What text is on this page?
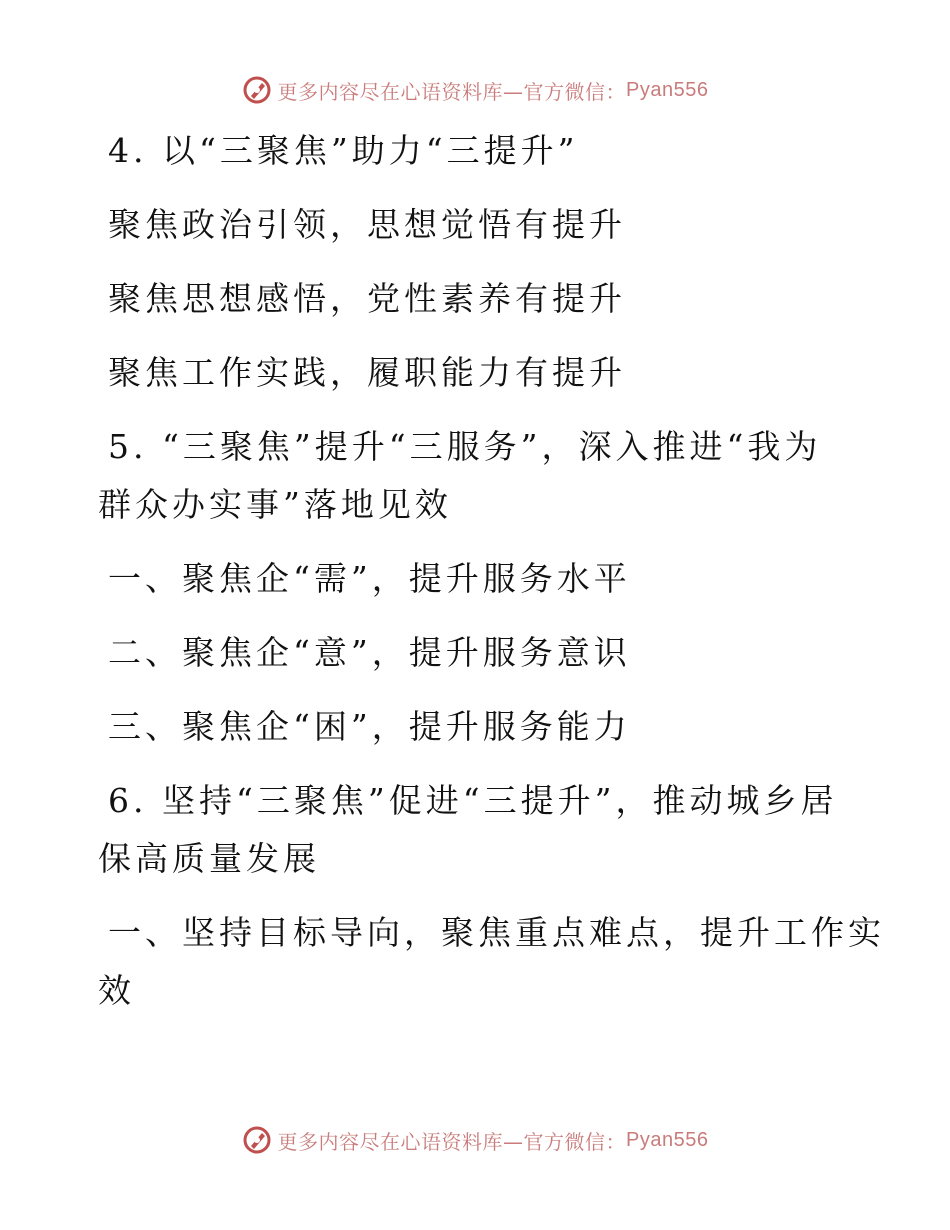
更多内容尽在心语资料库—官方微信： Pyan556
4. 以“三聚焦”助力“三提升”
聚焦政治引领，思想觉悟有提升
聚焦思想感悟，党性素养有提升
聚焦工作实践，履职能力有提升
5. “三聚焦”提升“三服务”，深入推进“我为
群众办实事”落地见效
一、聚焦企“需”，提升服务水平
二、聚焦企“意”，提升服务意识
三、聚焦企“困”，提升服务能力
6. 坚持“三聚焦”促进“三提升”，推动城乡居
保高质量发展
一、坚持目标导向，聚焦重点难点，提升工作实
效
更多内容尽在心语资料库—官方微信： Pyan556
